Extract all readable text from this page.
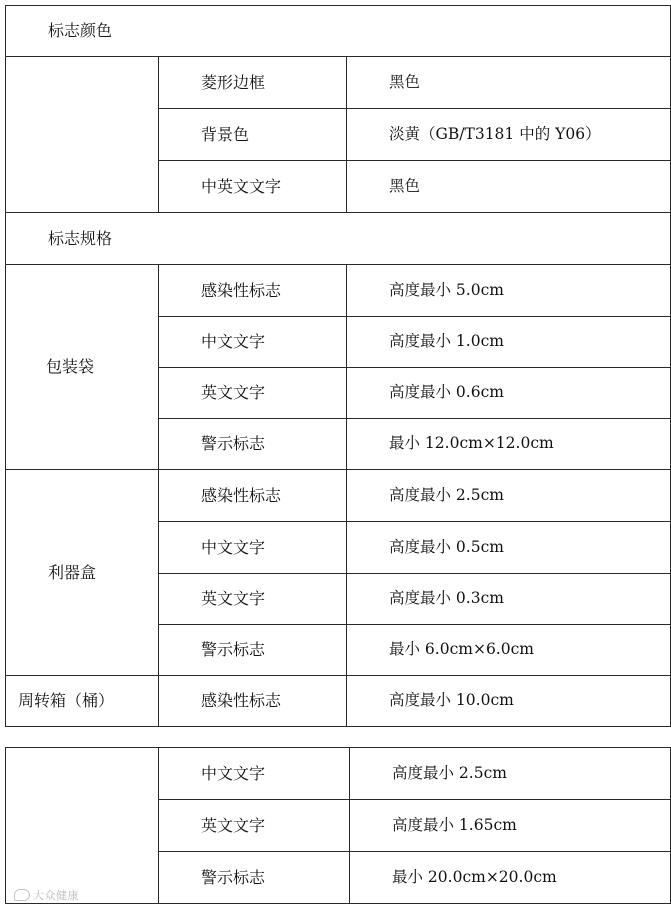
标志颜色		
	菱形边框	黑色
	背景色	淡黄（GB/T3181 中的 Y06）
	中英文文字	黑色
标志规格		
包装袋	感染性标志	高度最小 5.0cm
	中文文字	高度最小 1.0cm
	英文文字	高度最小 0.6cm
	警示标志	最小 12.0cm×12.0cm
利器盒	感染性标志	高度最小 2.5cm
	中文文字	高度最小 0.5cm
	英文文字	高度最小 0.3cm
	警示标志	最小 6.0cm×6.0cm
周转箱（桶）	感染性标志	高度最小 10.0cm
	中文文字	高度最小 2.5cm
	英文文字	高度最小 1.65cm
	警示标志	最小 20.0cm×20.0cm
大众健康
